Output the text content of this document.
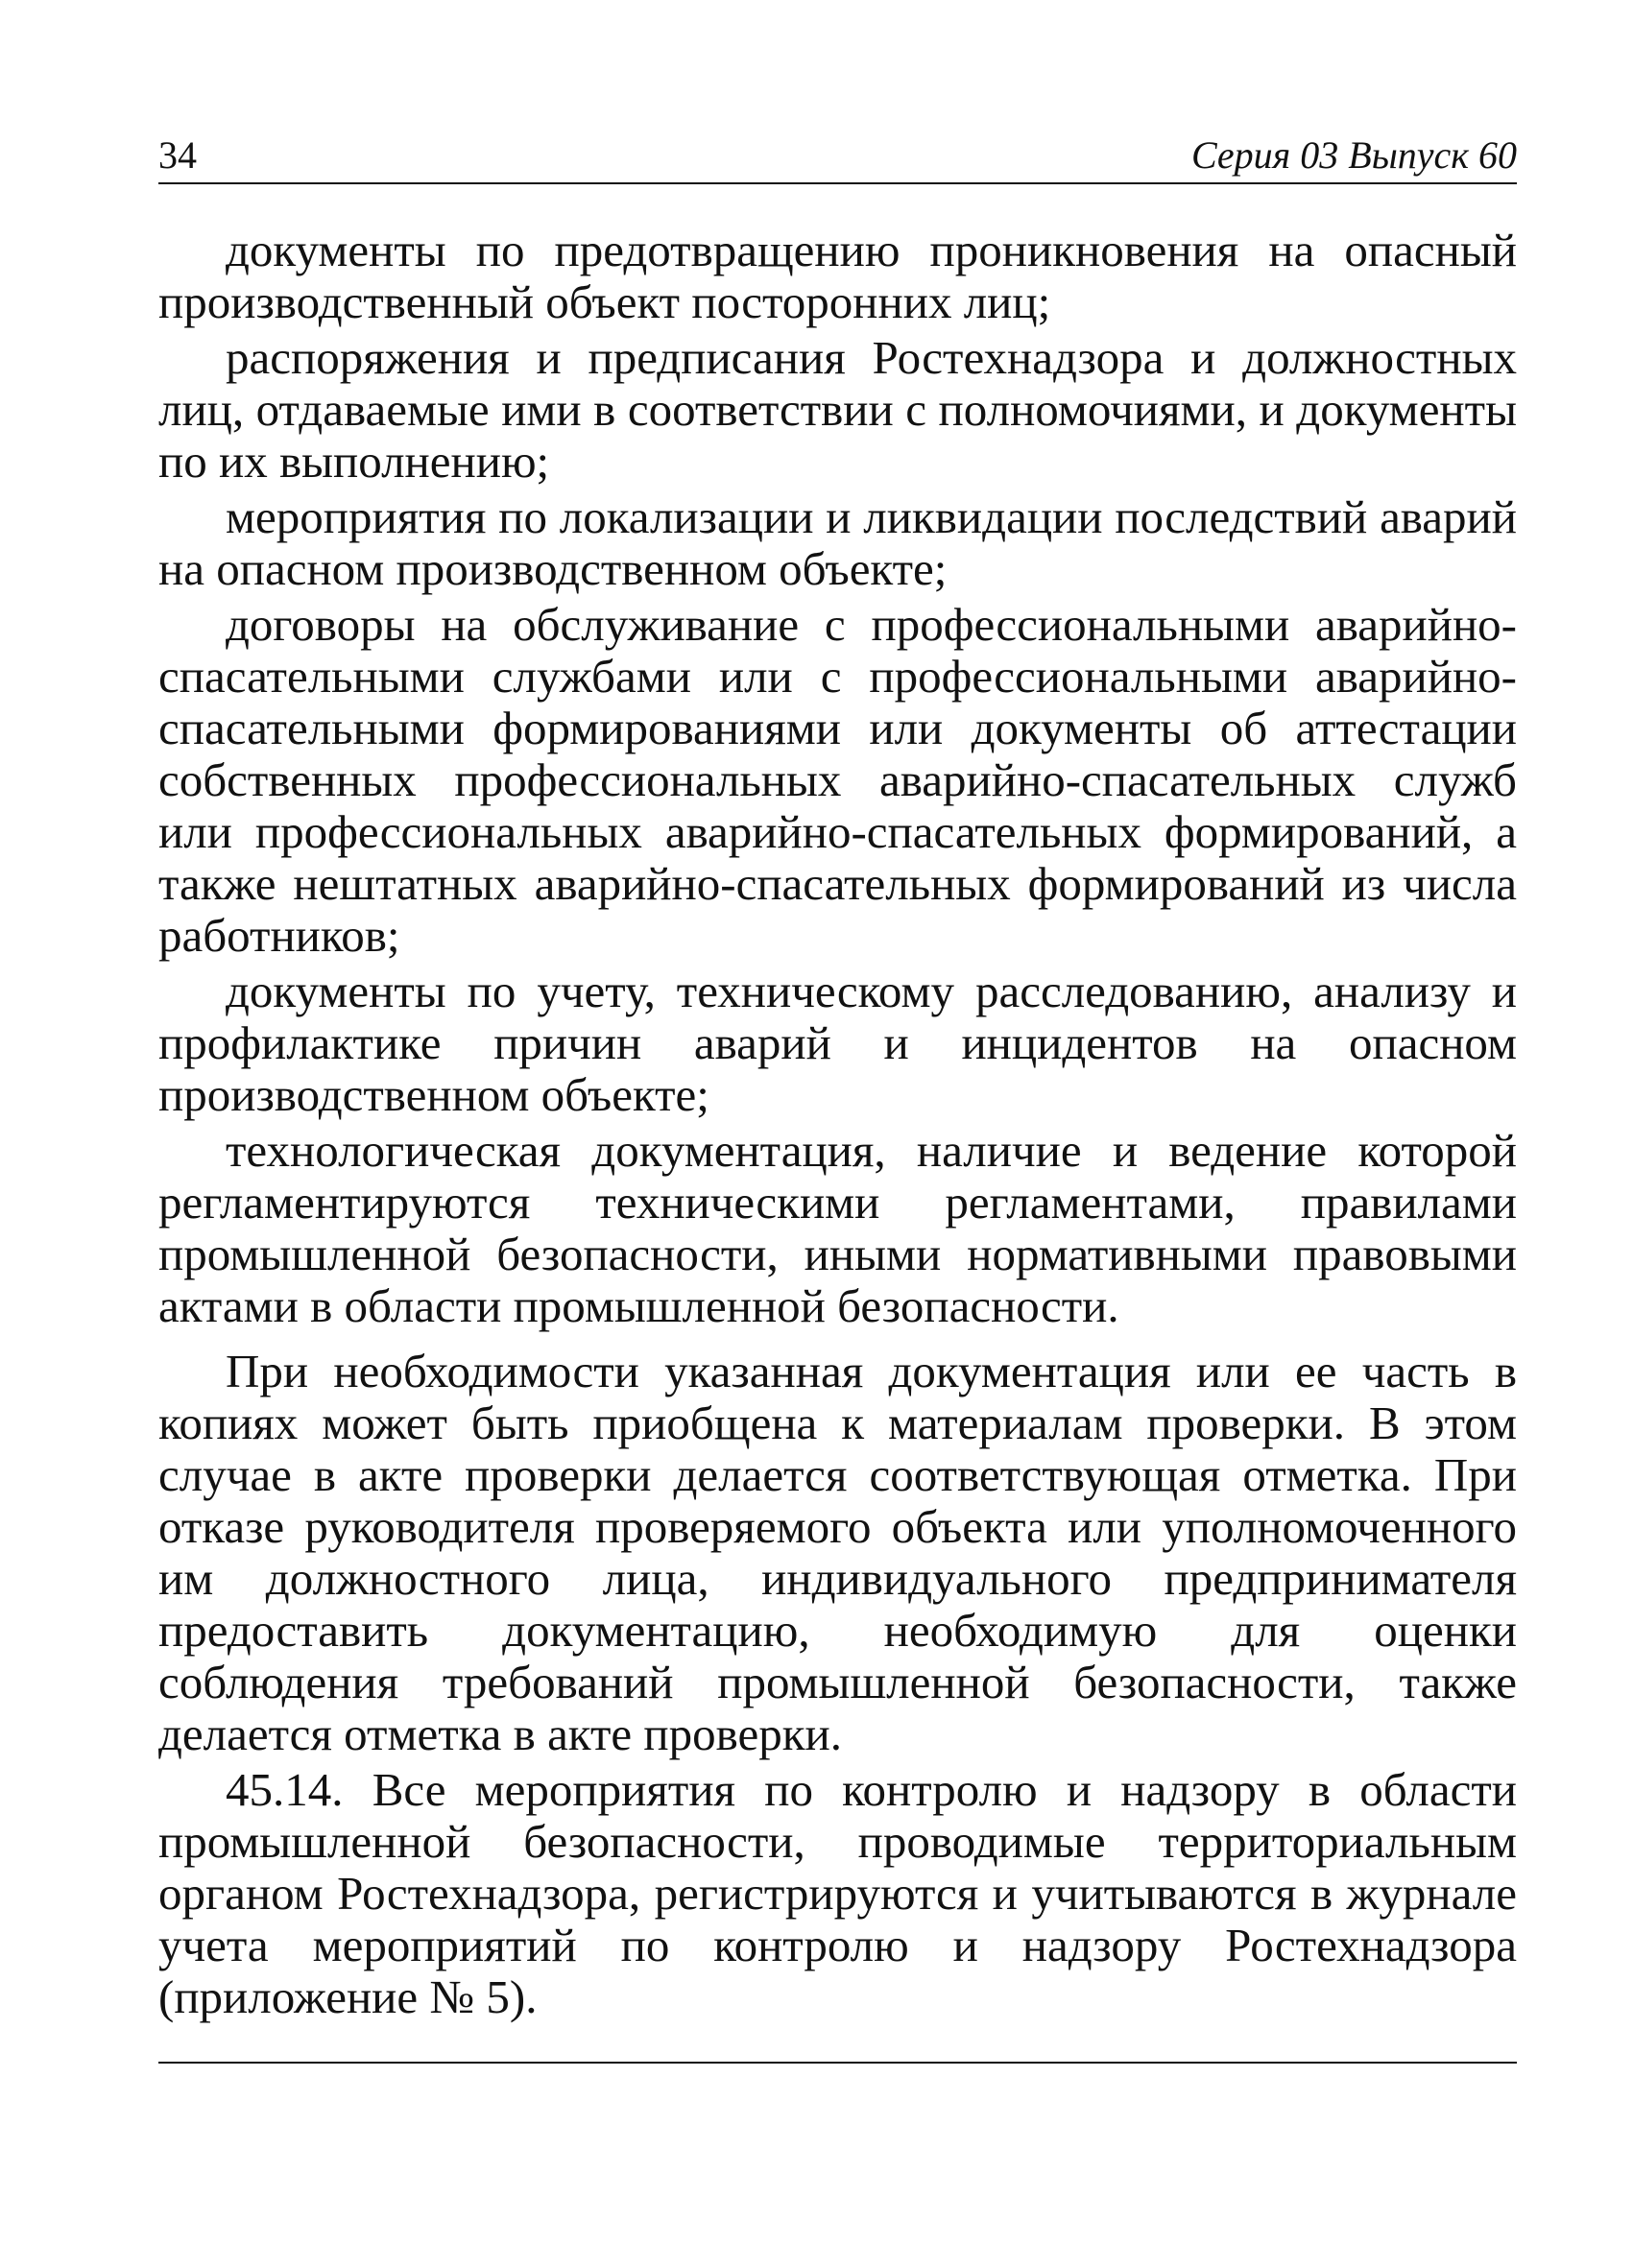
34	Серия 03 Выпуск 60

документы по предотвращению проникновения на опасный производственный объект посторонних лиц;

распоряжения и предписания Ростехнадзора и должностных лиц, отдаваемые ими в соответствии с полномочиями, и документы по их выполнению;

мероприятия по локализации и ликвидации последствий аварий на опасном производственном объекте;

договоры на обслуживание с профессиональными аварийно-спасательными службами или с профессиональными аварийно-спасательными формированиями или документы об аттестации собственных профессиональных аварийно-спасательных служб или профессиональных аварийно-спасательных формирований, а также нештатных аварийно-спасательных формирований из числа работников;

документы по учету, техническому расследованию, анализу и профилактике причин аварий и инцидентов на опасном производственном объекте;

технологическая документация, наличие и ведение которой регламентируются техническими регламентами, правилами промышленной безопасности, иными нормативными правовыми актами в области промышленной безопасности.

При необходимости указанная документация или ее часть в копиях может быть приобщена к материалам проверки. В этом случае в акте проверки делается соответствующая отметка. При отказе руководителя проверяемого объекта или уполномоченного им должностного лица, индивидуального предпринимателя предоставить документацию, необходимую для оценки соблюдения требований промышленной безопасности, также делается отметка в акте проверки.

45.14. Все мероприятия по контролю и надзору в области промышленной безопасности, проводимые территориальным органом Ростехнадзора, регистрируются и учитываются в журнале учета мероприятий по контролю и надзору Ростехнадзора (приложение № 5).
